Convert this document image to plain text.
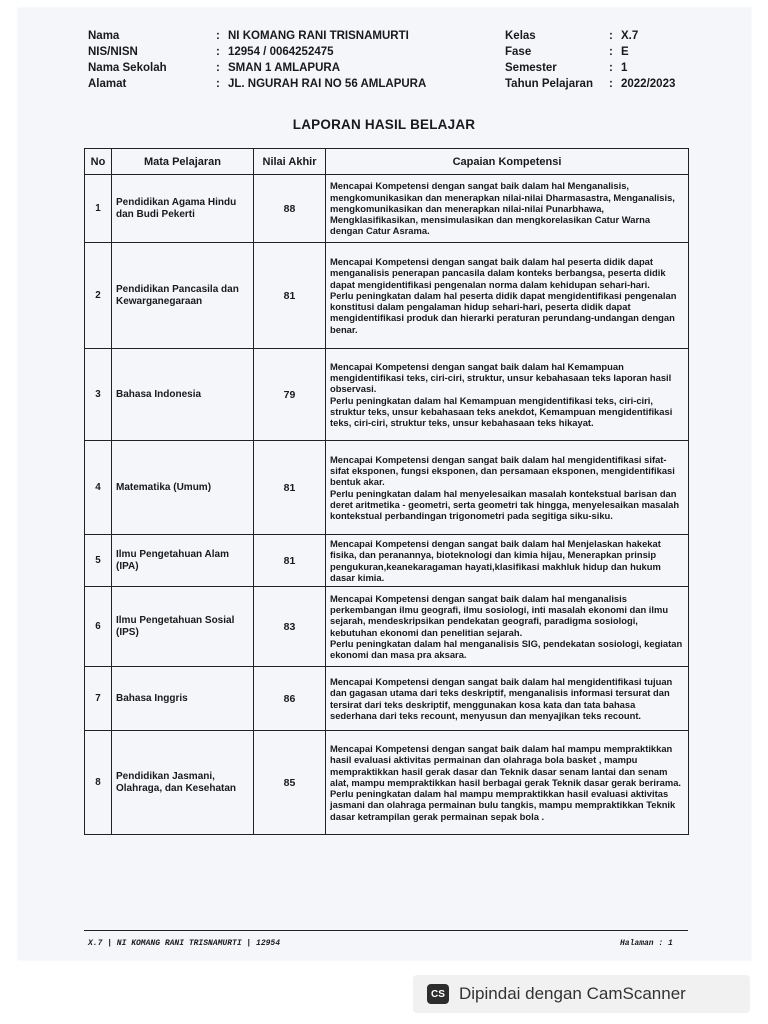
Nama	: NI KOMANG RANI TRISNAMURTI
NIS/NISN	: 12954 / 0064252475
Nama Sekolah	: SMAN 1 AMLAPURA
Alamat	: JL. NGURAH RAI NO 56 AMLAPURA
Kelas	: X.7
Fase	: E
Semester	: 1
Tahun Pelajaran	: 2022/2023
LAPORAN HASIL BELAJAR
No	Mata Pelajaran	Nilai Akhir	Capaian Kompetensi
1	Pendidikan Agama Hindu dan Budi Pekerti	88	Mencapai Kompetensi dengan sangat baik dalam hal Menganalisis, mengkomunikasikan dan menerapkan nilai-nilai Dharmasastra, Menganalisis, mengkomunikasikan dan menerapkan nilai-nilai Punarbhawa, Mengklasifikasikan, mensimulasikan dan mengkorelasikan Catur Warna dengan Catur Asrama.
2	Pendidikan Pancasila dan Kewarganegaraan	81	Mencapai Kompetensi dengan sangat baik dalam hal peserta didik dapat menganalisis penerapan pancasila dalam konteks berbangsa, peserta didik dapat mengidentifikasi pengenalan norma dalam kehidupan sehari-hari.
Perlu peningkatan dalam hal peserta didik dapat mengidentifikasi pengenalan konstitusi dalam pengalaman hidup sehari-hari, peserta didik dapat mengidentifikasi produk dan hierarki peraturan perundang-undangan dengan benar.
3	Bahasa Indonesia	79	Mencapai Kompetensi dengan sangat baik dalam hal Kemampuan mengidentifikasi teks, ciri-ciri, struktur, unsur kebahasaan teks laporan hasil observasi.
Perlu peningkatan dalam hal Kemampuan mengidentifikasi teks, ciri-ciri, struktur teks, unsur kebahasaan teks anekdot, Kemampuan mengidentifikasi teks, ciri-ciri, struktur teks, unsur kebahasaan teks hikayat.
4	Matematika (Umum)	81	Mencapai Kompetensi dengan sangat baik dalam hal mengidentifikasi sifat-sifat eksponen, fungsi eksponen, dan persamaan eksponen, mengidentifikasi bentuk akar.
Perlu peningkatan dalam hal menyelesaikan masalah kontekstual barisan dan deret aritmetika - geometri, serta geometri tak hingga, menyelesaikan masalah kontekstual perbandingan trigonometri pada segitiga siku-siku.
5	Ilmu Pengetahuan Alam (IPA)	81	Mencapai Kompetensi dengan sangat baik dalam hal Menjelaskan hakekat fisika, dan peranannya, bioteknologi dan kimia hijau, Menerapkan prinsip pengukuran,keanekaragaman hayati,klasifikasi makhluk hidup dan hukum dasar kimia.
6	Ilmu Pengetahuan Sosial (IPS)	83	Mencapai Kompetensi dengan sangat baik dalam hal menganalisis perkembangan ilmu geografi, ilmu sosiologi, inti masalah ekonomi dan ilmu sejarah, mendeskripsikan pendekatan geografi, paradigma sosiologi, kebutuhan ekonomi dan penelitian sejarah.
Perlu peningkatan dalam hal menganalisis SIG, pendekatan sosiologi, kegiatan ekonomi dan masa pra aksara.
7	Bahasa Inggris	86	Mencapai Kompetensi dengan sangat baik dalam hal mengidentifikasi tujuan dan gagasan utama dari teks deskriptif, menganalisis informasi tersurat dan tersirat dari teks deskriptif, menggunakan kosa kata dan tata bahasa sederhana dari teks recount, menyusun dan menyajikan teks recount.
8	Pendidikan Jasmani, Olahraga, dan Kesehatan	85	Mencapai Kompetensi dengan sangat baik dalam hal mampu mempraktikkan hasil evaluasi aktivitas permainan dan olahraga bola basket , mampu mempraktikkan hasil gerak dasar dan Teknik dasar senam lantai dan senam alat, mampu mempraktikkan hasil berbagai gerak Teknik dasar gerak berirama.
Perlu peningkatan dalam hal mampu mempraktikkan hasil evaluasi aktivitas jasmani dan olahraga permainan bulu tangkis, mampu mempraktikkan Teknik dasar ketrampilan gerak permainan sepak bola .
X.7 | NI KOMANG RANI TRISNAMURTI | 12954	Halaman : 1
CS Dipindai dengan CamScanner
